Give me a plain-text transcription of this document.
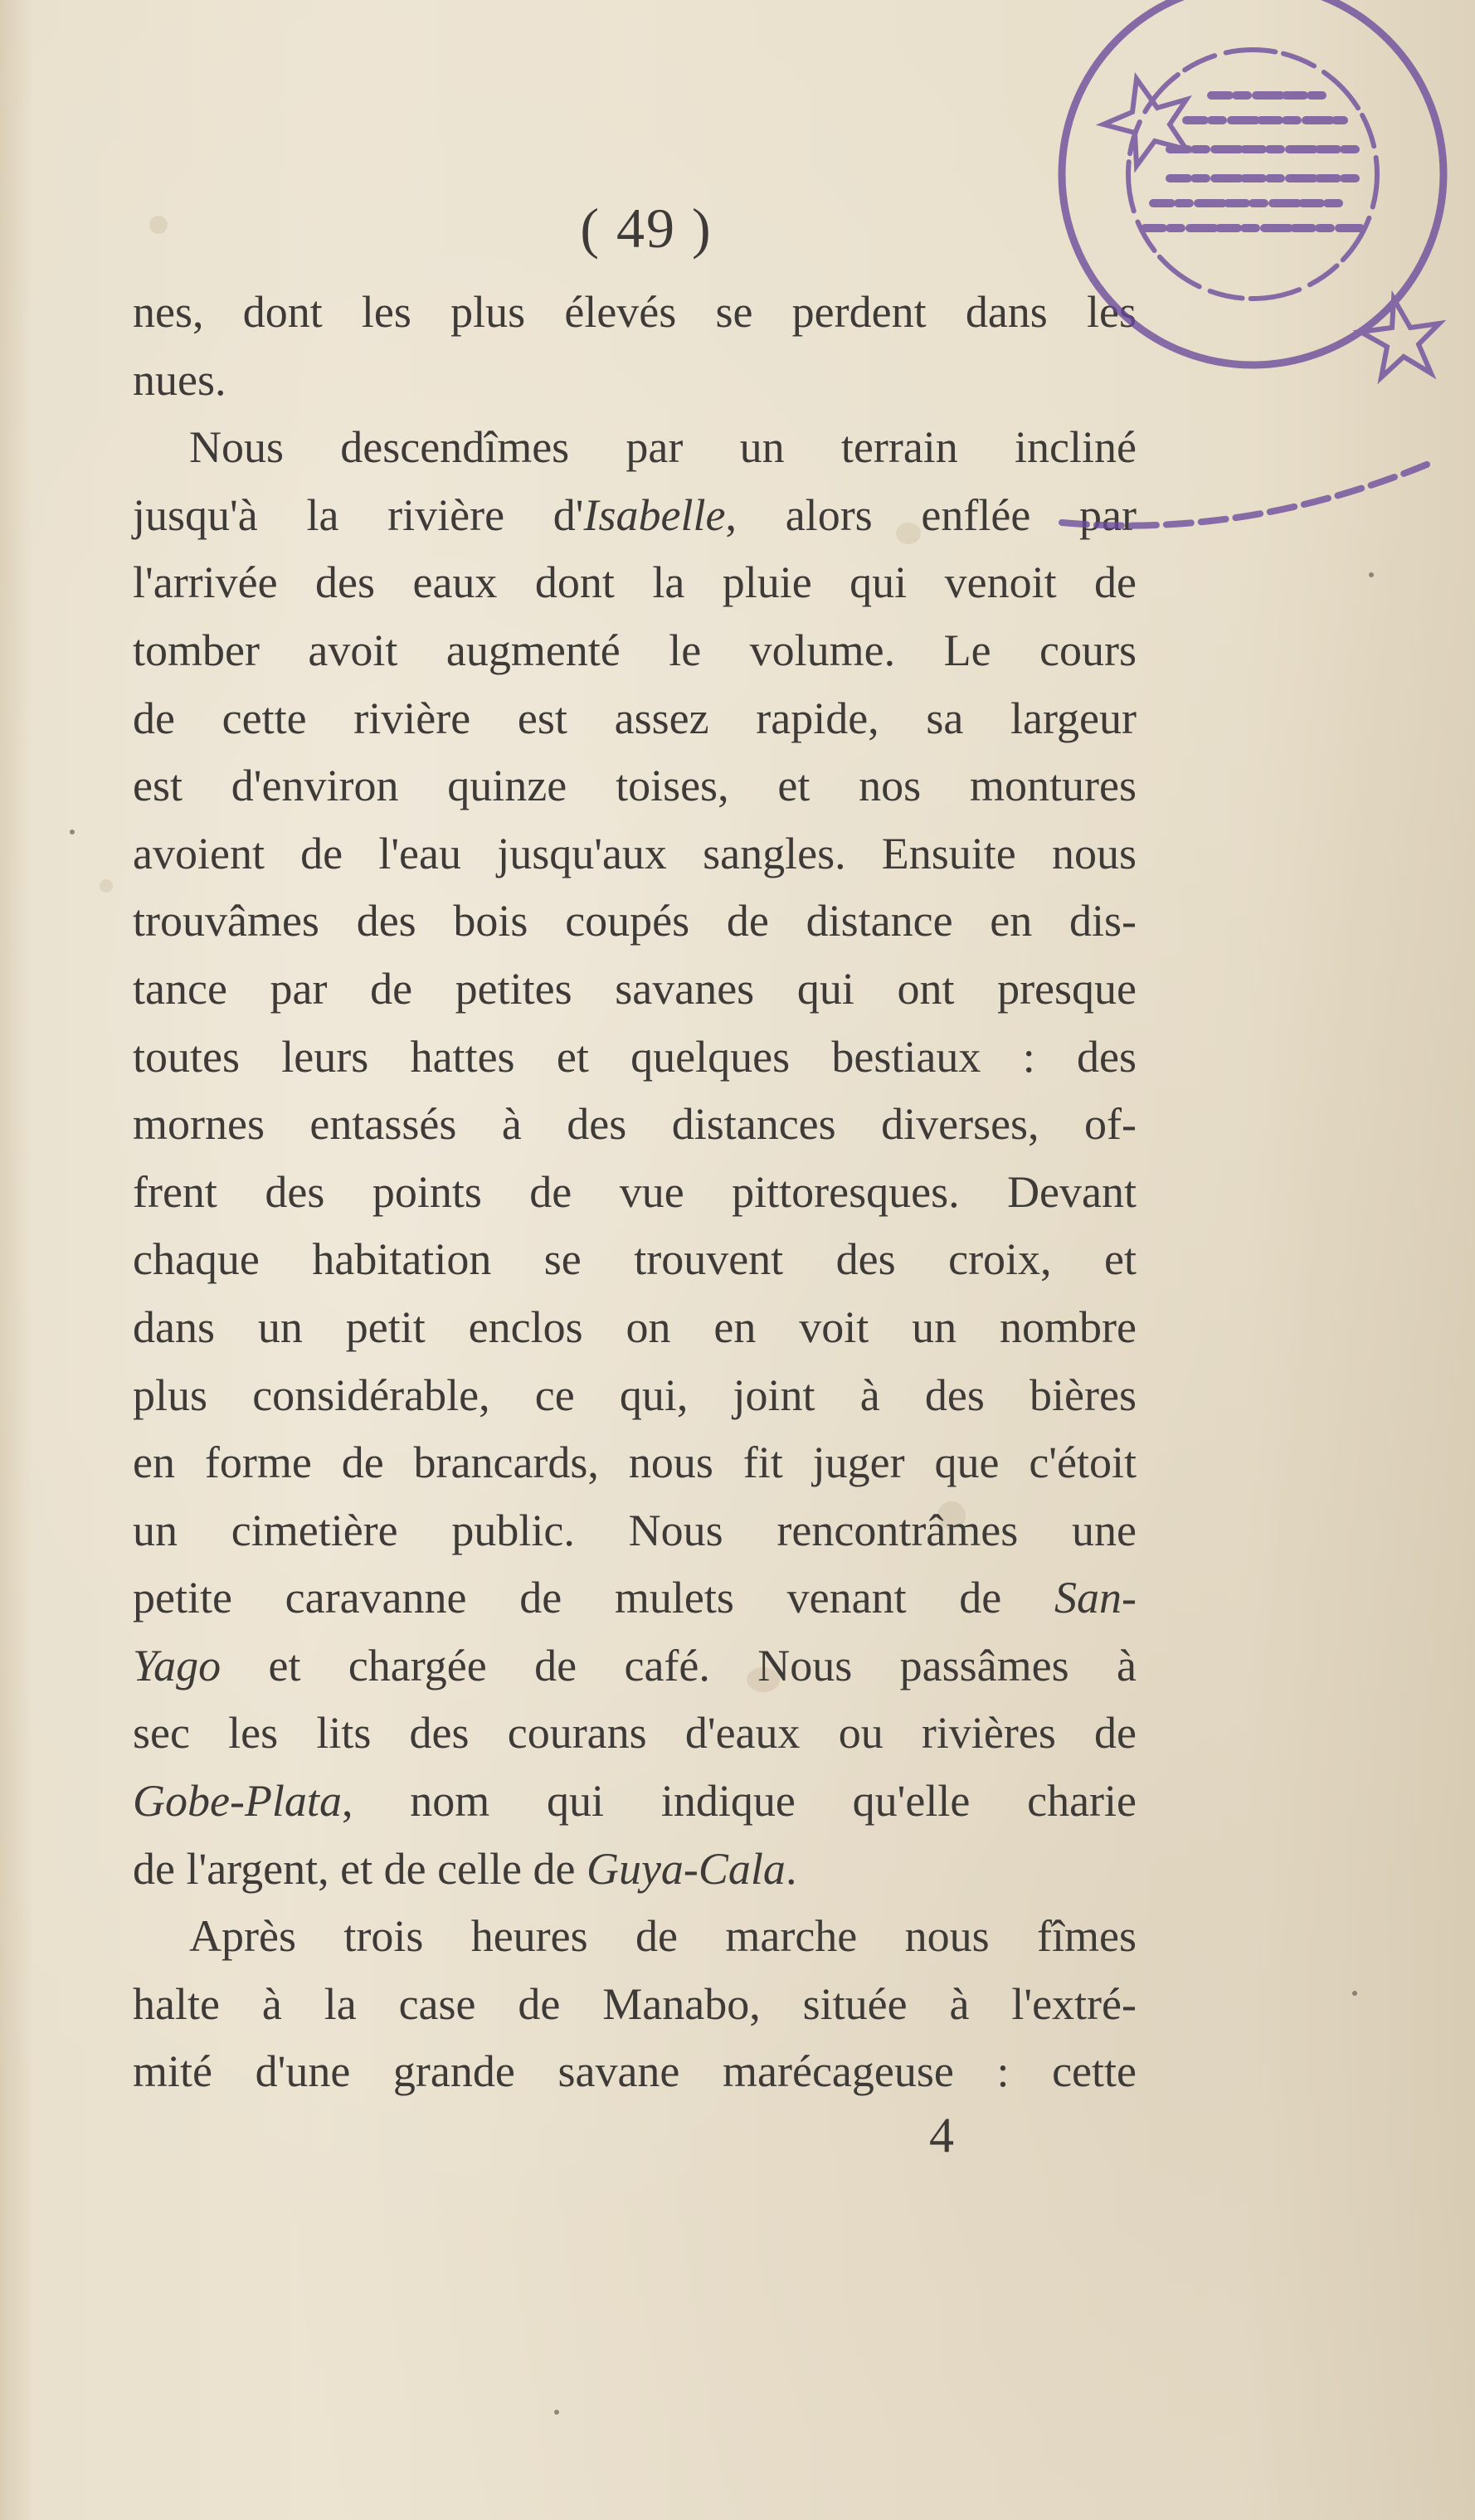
( 49 )
nes, dont les plus élevés se perdent dans les
nues.
Nous descendîmes par un terrain incliné
jusqu'à la rivière d'Isabelle, alors enflée par
l'arrivée des eaux dont la pluie qui venoit de
tomber avoit augmenté le volume. Le cours
de cette rivière est assez rapide, sa largeur
est d'environ quinze toises, et nos montures
avoient de l'eau jusqu'aux sangles. Ensuite nous
trouvâmes des bois coupés de distance en dis-
tance par de petites savanes qui ont presque
toutes leurs hattes et quelques bestiaux : des
mornes entassés à des distances diverses, of-
frent des points de vue pittoresques. Devant
chaque habitation se trouvent des croix, et
dans un petit enclos on en voit un nombre
plus considérable, ce qui, joint à des bières
en forme de brancards, nous fit juger que c'étoit
un cimetière public. Nous rencontrâmes une
petite caravanne de mulets venant de San-
Yago et chargée de café. Nous passâmes à
sec les lits des courans d'eaux ou rivières de
Gobe-Plata, nom qui indique qu'elle charie
de l'argent, et de celle de Guya-Cala.
Après trois heures de marche nous fîmes
halte à la case de Manabo, située à l'extré-
mité d'une grande savane marécageuse : cette
4
